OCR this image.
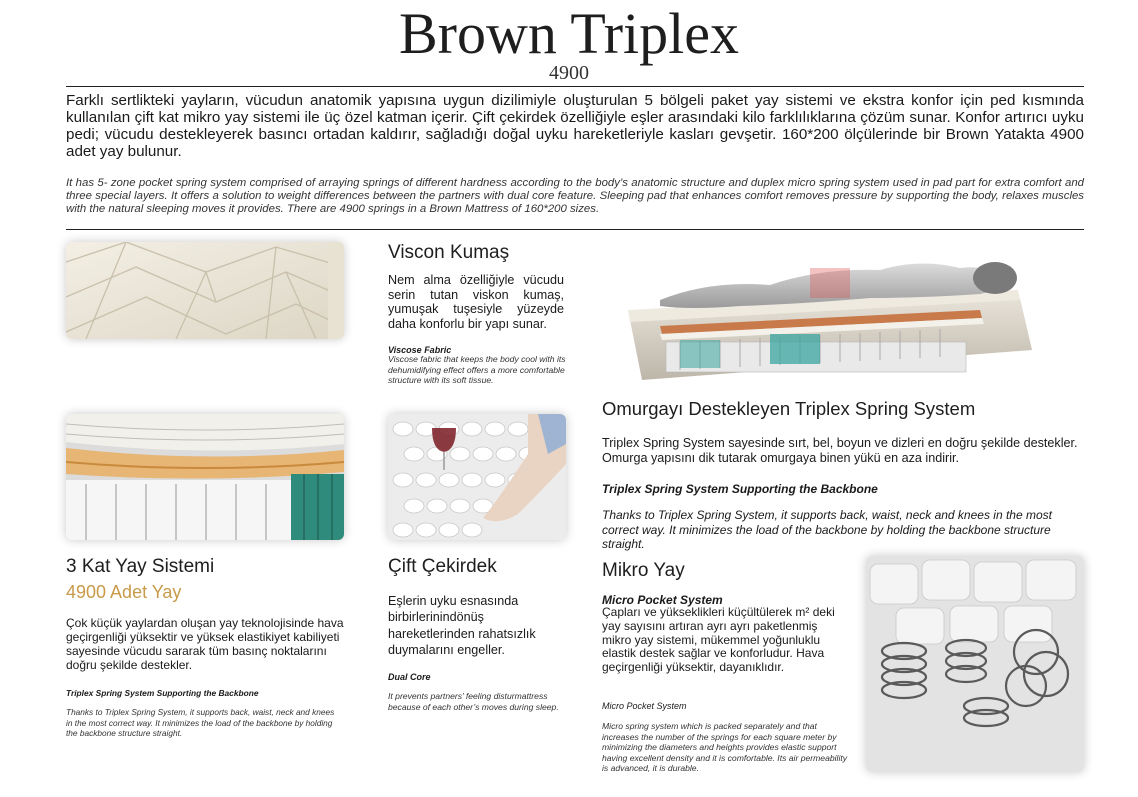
Brown Triplex
4900
Farklı sertlikteki yayların, vücudun anatomik yapısına uygun dizilimiyle oluşturulan 5 bölgeli paket yay sistemi ve ekstra konfor için ped kısmında kullanılan çift kat mikro yay sistemi ile üç özel katman içerir. Çift çekirdek özelliğiyle eşler arasındaki kilo farklılıklarına çözüm sunar. Konfor artırıcı uyku pedi; vücudu destekleyerek basıncı ortadan kaldırır, sağladığı doğal uyku hareketleriyle kasları gevşetir. 160*200 ölçülerinde bir Brown Yatakta 4900 adet yay bulunur.
It has 5- zone pocket spring system comprised of arraying springs of different hardness according to the body’s anatomic structure and duplex micro spring system used in pad part for extra comfort and three special layers. It offers a solution to weight differences between the partners with dual core feature. Sleeping pad that enhances comfort removes pressure by supporting the body, relaxes muscles with the natural sleeping moves it provides. There are 4900 springs in a Brown Mattress of 160*200 sizes.
Viscon Kumaş
Nem alma özelliğiyle vücudu serin tutan viskon kumaş, yumuşak tuşesiyle yüzeyde daha konforlu bir yapı sunar.
Viscose Fabric
Viscose fabric that keeps the body cool with its dehumidifying effect offers a more comfortable structure with its soft tissue.
Omurgayı Destekleyen Triplex Spring System
Triplex Spring System sayesinde sırt, bel, boyun ve dizleri en doğru şekilde destekler. Omurga yapısını dik tutarak omurgaya binen yükü en aza indirir.
Triplex Spring System Supporting the Backbone
Thanks to Triplex Spring System, it supports back, waist, neck and knees in the most correct way. It minimizes the load of the backbone by holding the backbone structure straight.
3 Kat Yay Sistemi
4900 Adet Yay
Çok küçük yaylardan oluşan yay teknolojisinde hava geçirgenliği yüksektir ve yüksek elastikiyet kabiliyeti sayesinde vücudu sararak tüm basınç noktalarını doğru şekilde destekler.
Triplex Spring System Supporting the Backbone
Thanks to Triplex Spring System, it supports back, waist, neck and knees in the most correct way. It minimizes the load of the backbone by holding the backbone structure straight.
Çift Çekirdek
Eşlerin uyku esnasında birbirlerinindönüş hareketlerinden rahatsızlık duymalarını engeller.
Dual Core
It prevents partners’ feeling disturmattress because of each other’s moves during sleep.
Mikro Yay
Micro Pocket System
Çapları ve yükseklikleri küçültülerek m² deki yay sayısını artıran ayrı ayrı paketlenmiş mikro yay sistemi, mükemmel yoğunluklu elastik destek sağlar ve konforludur. Hava geçirgenliği yüksektir, dayanıklıdır.
Micro Pocket System
Micro spring system which is packed separately and that increases the number of the springs for each square meter by minimizing the diameters and heights provides elastic support having excellent density and it is comfortable. Its air permeability is advanced, it is durable.
